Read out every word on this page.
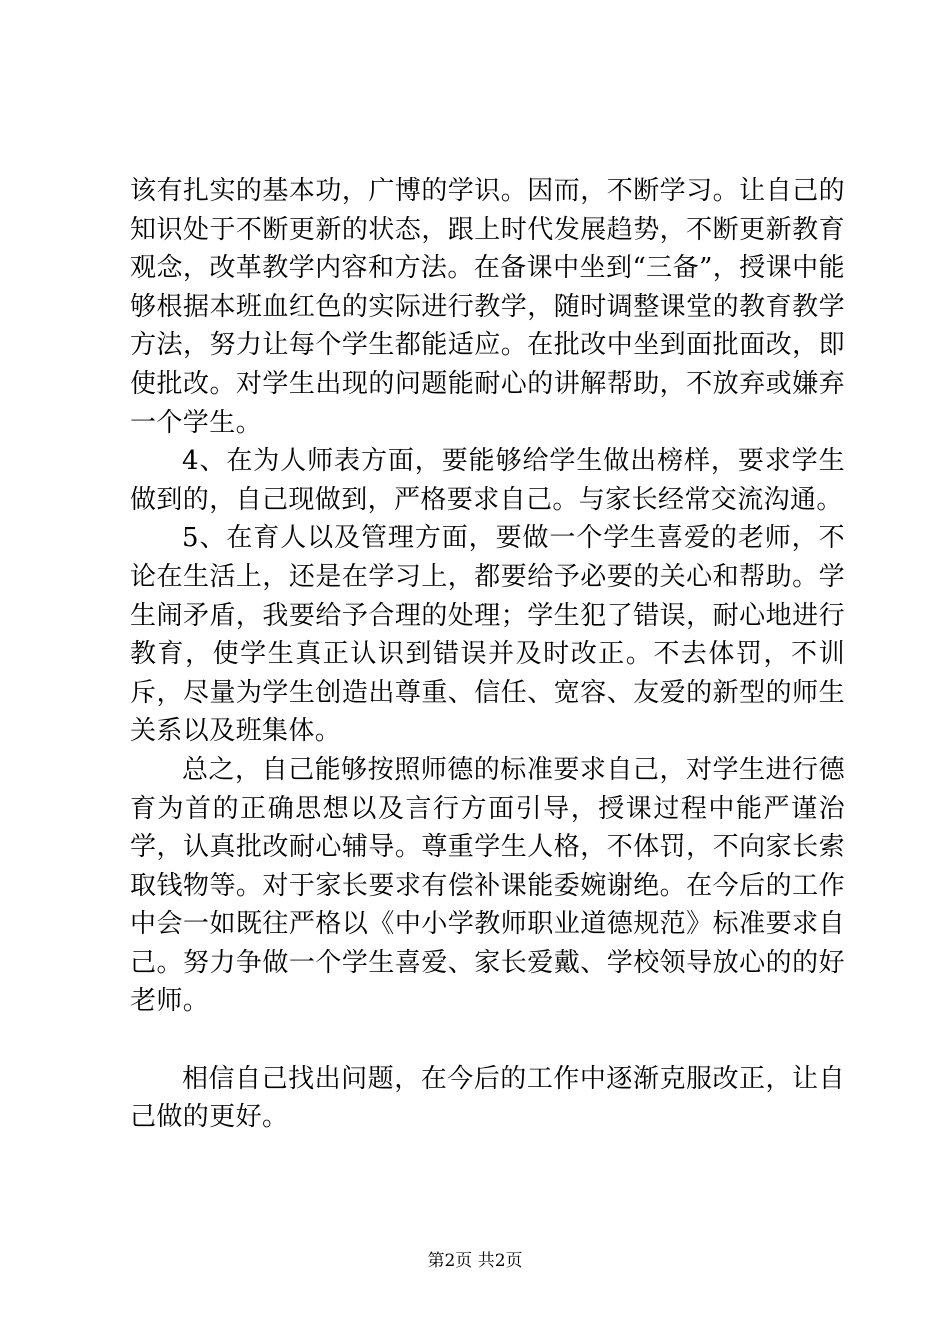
该有扎实的基本功，广博的学识。因而，不断学习。让自己的知识处于不断更新的状态，跟上时代发展趋势，不断更新教育观念，改革教学内容和方法。在备课中坐到“三备”，授课中能够根据本班血红色的实际进行教学，随时调整课堂的教育教学方法，努力让每个学生都能适应。在批改中坐到面批面改，即使批改。对学生出现的问题能耐心的讲解帮助，不放弃或嫌弃一个学生。

4、在为人师表方面，要能够给学生做出榜样，要求学生做到的，自己现做到，严格要求自己。与家长经常交流沟通。

5、在育人以及管理方面，要做一个学生喜爱的老师，不论在生活上，还是在学习上，都要给予必要的关心和帮助。学生闹矛盾，我要给予合理的处理；学生犯了错误，耐心地进行教育，使学生真正认识到错误并及时改正。不去体罚，不训斥，尽量为学生创造出尊重、信任、宽容、友爱的新型的师生关系以及班集体。

总之，自己能够按照师德的标准要求自己，对学生进行德育为首的正确思想以及言行方面引导，授课过程中能严谨治学，认真批改耐心辅导。尊重学生人格，不体罚，不向家长索取钱物等。对于家长要求有偿补课能委婉谢绝。在今后的工作中会一如既往严格以《中小学教师职业道德规范》标准要求自己。努力争做一个学生喜爱、家长爱戴、学校领导放心的的好老师。

相信自己找出问题，在今后的工作中逐渐克服改正，让自己做的更好。

第2页 共2页
